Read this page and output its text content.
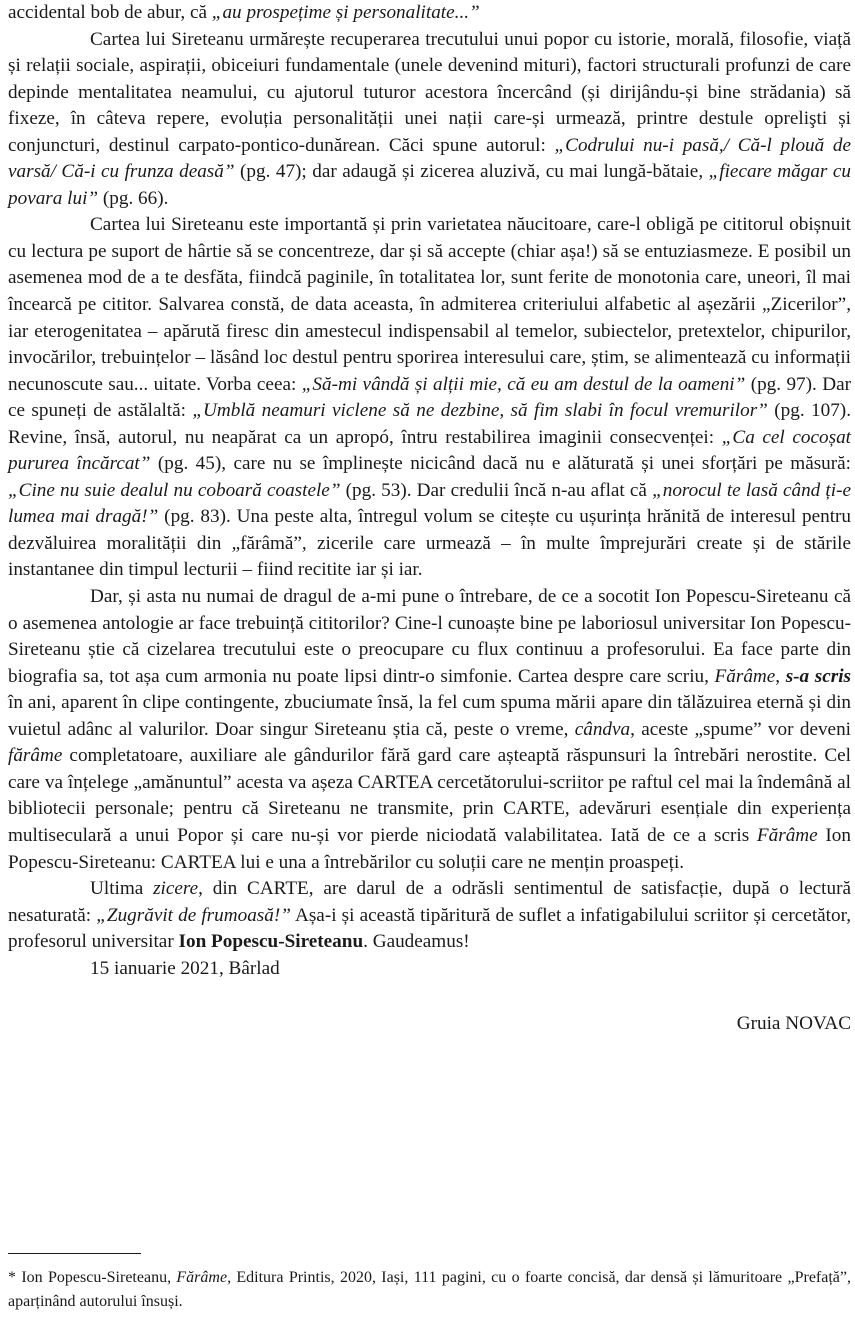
accidental bob de abur, că „au prospețime și personalitate...”

Cartea lui Sireteanu urmărește recuperarea trecutului unui popor cu istorie, morală, filosofie, viață și relații sociale, aspirații, obiceiuri fundamentale (unele devenind mituri), factori structurali profunzi de care depinde mentalitatea neamului, cu ajutorul tuturor acestora încercând (și dirijându-și bine strădania) să fixeze, în câteva repere, evoluția personalității unei nații care-și urmează, printre destule oprelişti și conjuncturi, destinul carpato-pontico-dunărean. Căci spune autorul: „Codrului nu-i pasă,/ Că-l plouă de varsă/ Că-i cu frunza deasă” (pg. 47); dar adaugă și zicerea aluzivă, cu mai lungă-bătaie, „fiecare măgar cu povara lui” (pg. 66).

Cartea lui Sireteanu este importantă și prin varietatea năucitoare, care-l obligă pe cititorul obișnuit cu lectura pe suport de hârtie să se concentreze, dar și să accepte (chiar așa!) să se entuziasmeze. E posibil un asemenea mod de a te desfăta, fiindcă paginile, în totalitatea lor, sunt ferite de monotonia care, uneori, îl mai încearcă pe cititor. Salvarea constă, de data aceasta, în admiterea criteriului alfabetic al așezării „Zicerilor”, iar eterogenitatea – apărută firesc din amestecul indispensabil al temelor, subiectelor, pretextelor, chipurilor, invocărilor, trebuințelor – lăsând loc destul pentru sporirea interesului care, știm, se alimentează cu informații necunoscute sau... uitate. Vorba ceea: „Să-mi vândă și alții mie, că eu am destul de la oameni” (pg. 97). Dar ce spuneți de astălaltă: „Umblă neamuri viclene să ne dezbine, să fim slabi în focul vremurilor” (pg. 107). Revine, însă, autorul, nu neapărat ca un apropó, întru restabilirea imaginii consecvenței: „Ca cel cocoșat pururea încărcat” (pg. 45), care nu se împlinește nicicând dacă nu e alăturată și unei sforțări pe măsură: „Cine nu suie dealul nu coboară coastele” (pg. 53). Dar credulii încă n-au aflat că „norocul te lasă când ți-e lumea mai dragă!” (pg. 83). Una peste alta, întregul volum se citește cu ușurința hrănită de interesul pentru dezvăluirea moralității din „fărâmă”, zicerile care urmează – în multe împrejurări create și de stările instantanee din timpul lecturii – fiind recitite iar și iar.

Dar, și asta nu numai de dragul de a-mi pune o întrebare, de ce a socotit Ion Popescu-Sireteanu că o asemenea antologie ar face trebuință cititorilor? Cine-l cunoaște bine pe laboriosul universitar Ion Popescu-Sireteanu știe că cizelarea trecutului este o preocupare cu flux continuu a profesorului. Ea face parte din biografia sa, tot așa cum armonia nu poate lipsi dintr-o simfonie. Cartea despre care scriu, Fărâme, s-a scris în ani, aparent în clipe contingente, zbuciumate însă, la fel cum spuma mării apare din tălăzuirea eternă și din vuietul adânc al valurilor. Doar singur Sireteanu știa că, peste o vreme, cândva, aceste „spume” vor deveni fărâme completatoare, auxiliare ale gândurilor fără gard care așteaptă răspunsuri la întrebări nerostite. Cel care va înțelege „amănuntul” acesta va așeza CARTEA cercetătorului-scriitor pe raftul cel mai la îndemână al bibliotecii personale; pentru că Sireteanu ne transmite, prin CARTE, adevăruri esențiale din experiența multiseculară a unui Popor și care nu-și vor pierde niciodată valabilitatea. Iată de ce a scris Fărâme Ion Popescu-Sireteanu: CARTEA lui e una a întrebărilor cu soluții care ne mențin proaspeți.

Ultima zicere, din CARTE, are darul de a odrăsli sentimentul de satisfacție, după o lectură nesaturată: „Zugrăvit de frumoasă!” Așa-i și această tipăritură de suflet a infatigabilului scriitor și cercetător, profesorul universitar Ion Popescu-Sireteanu. Gaudeamus!

15 ianuarie 2021, Bârlad

Gruia NOVAC

* Ion Popescu-Sireteanu, Fărâme, Editura Printis, 2020, Iași, 111 pagini, cu o foarte concisă, dar densă și lămuritoare „Prefață”, aparținând autorului însuși.
